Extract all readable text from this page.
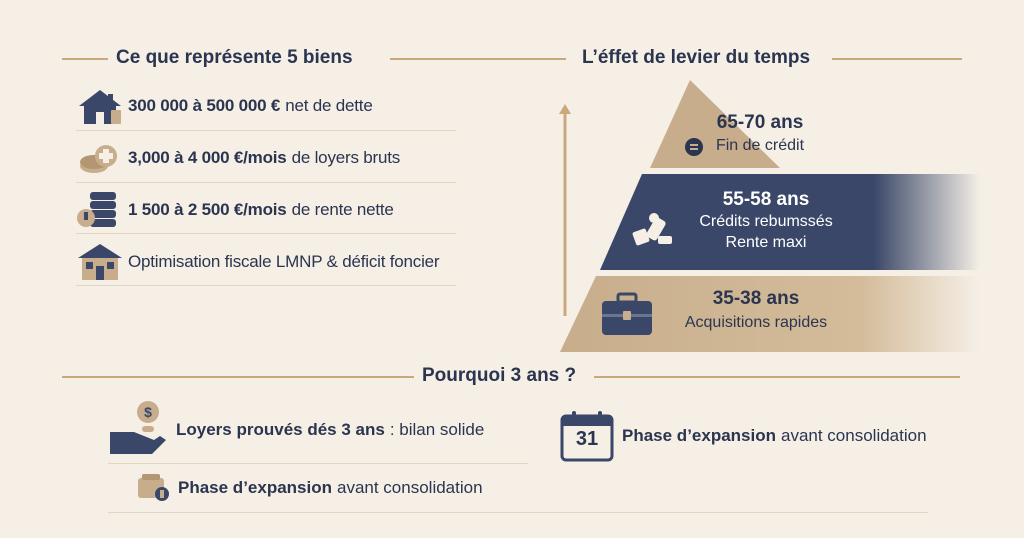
Ce que représente 5 biens	L’éffet de levier du temps
300 000 à 500 000 € net de dette
3,000 à 4 000 €/mois de loyers bruts
1 500 à 2 500 €/mois de rente nette
Optimisation fiscale LMNP & déficit foncier
65-70 ans
Fin de crédit
55-58 ans
Crédits rebumssés
Rente maxi
35-38 ans
Acquisitions rapides
Pourquoi 3 ans ?
$
Loyers prouvés dés 3 ans : bilan solide	31	Phase d’expansion avant consolidation
Phase d’expansion avant consolidation
